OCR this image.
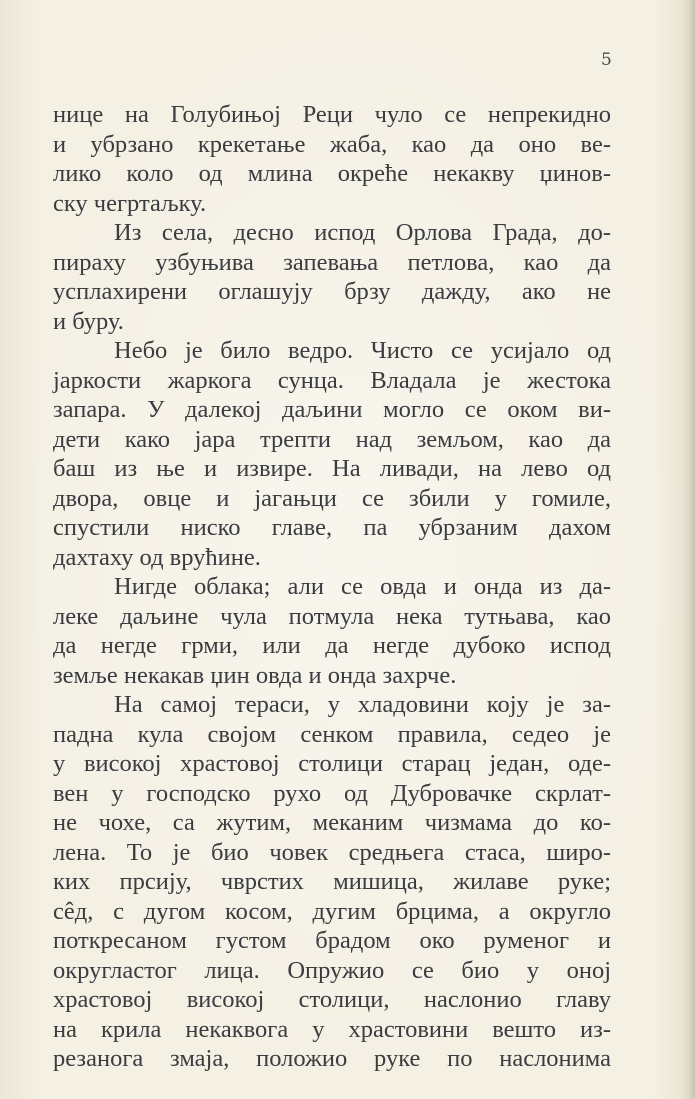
5
нице на Голубињој Реци чуло се непрекидно
и убрзано крекетање жаба, као да оно ве-
лико коло од млина окреће некакву џинов-
ску чегртаљку.
Из села, десно испод Орлова Града, до-
пираху узбуњива запевања петлова, као да
усплахирени оглашују брзу дажду, ако не
и буру.
Небо је било ведро. Чисто се усијало од
јаркости жаркога сунца. Владала је жестока
запара. У далекој даљини могло се оком ви-
дети како јара трепти над земљом, као да
баш из ње и извире. На ливади, на лево од
двора, овце и јагањци се збили у гомиле,
спустили ниско главе, па убрзаним дахом
дахтаху од врућине.
Нигде облака; али се овда и онда из да-
леке даљине чула потмула нека тутњава, као
да негде грми, или да негде дубоко испод
земље некакав џин овда и онда захрче.
На самој тераси, у хладовини коју је за-
падна кула својом сенком правила, седео је
у високој храстовој столици старац један, оде-
вен у господско рухо од Дубровачке скрлат-
не чохе, са жутим, меканим чизмама до ко-
лена. То је био човек средњега стаса, широ-
ких прсију, чврстих мишица, жилаве руке;
сêд, с дугом косом, дугим брцима, а округло
поткресаном густом брадом око руменог и
округластог лица. Опружио се био у оној
храстовој високој столици, наслонио главу
на крила некаквога у храстовини вешто из-
резанога змаја, положио руке по наслонима
